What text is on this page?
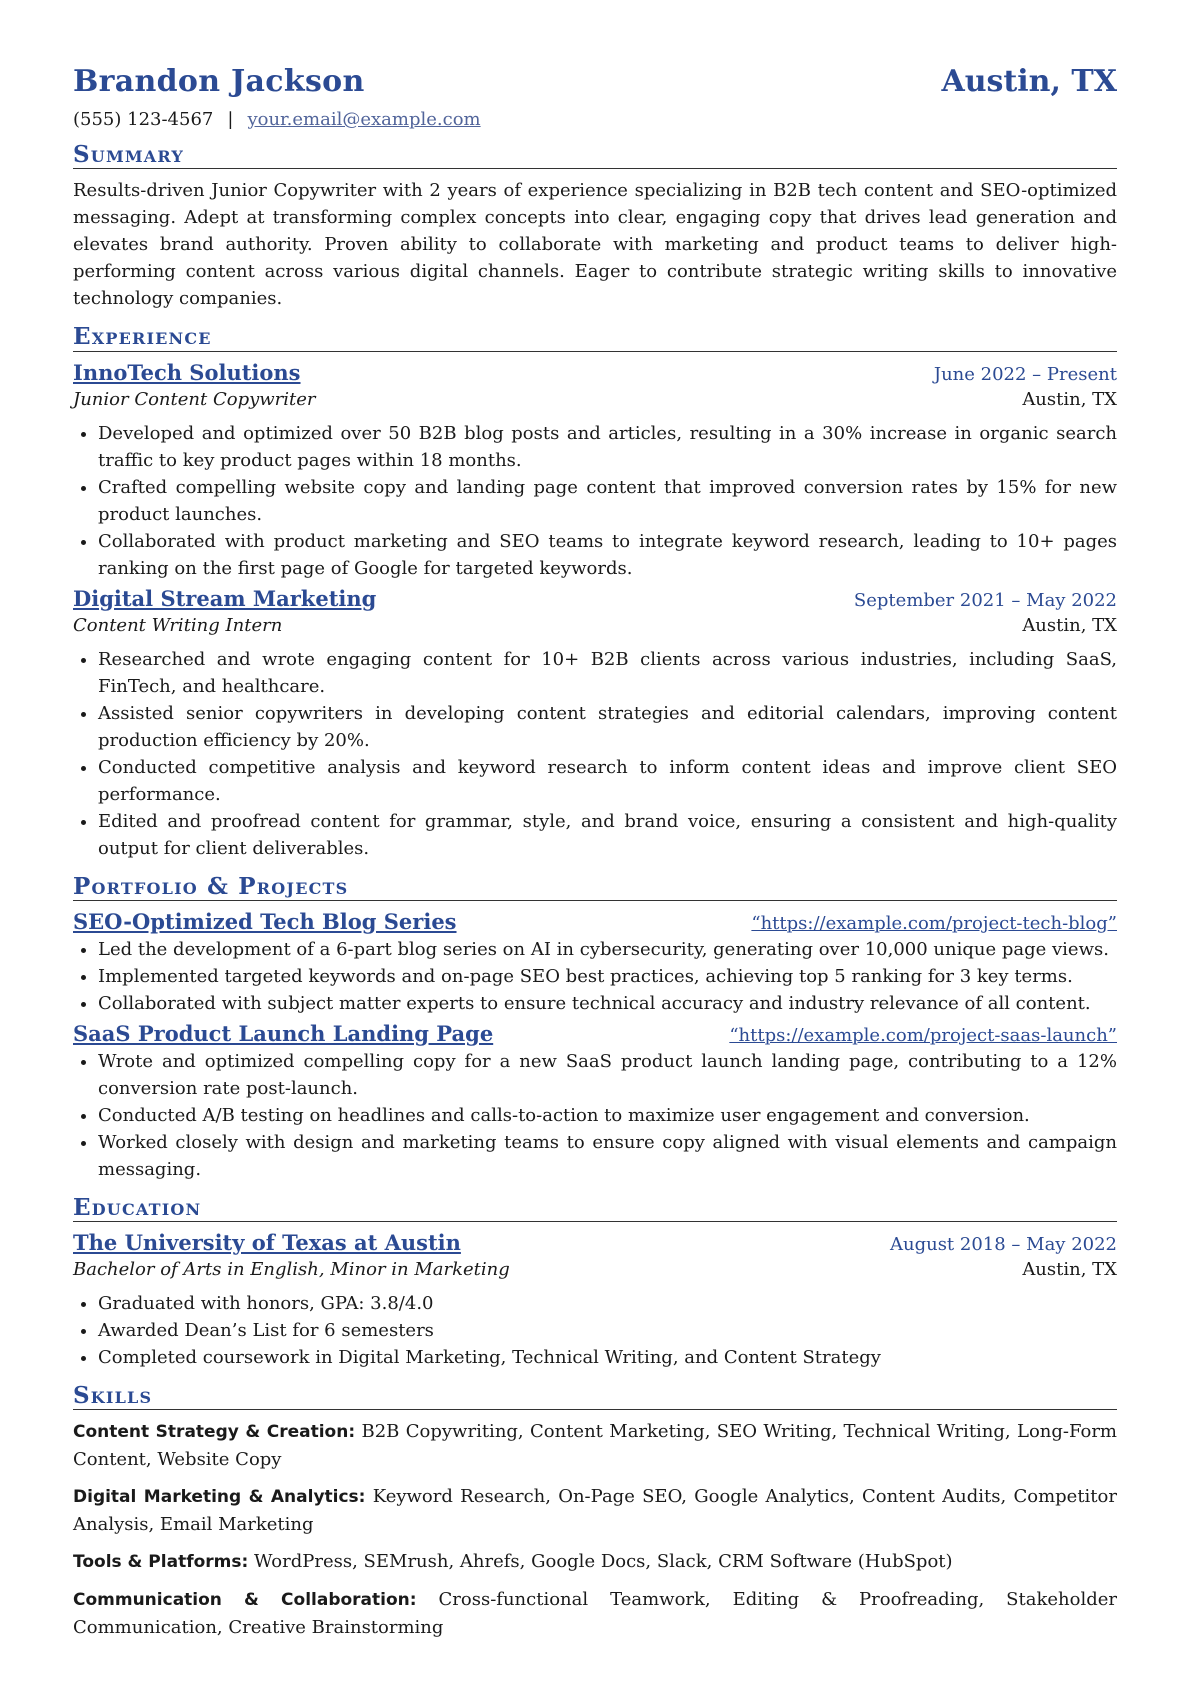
Brandon Jackson	Austin, TX
(555) 123-4567 | your.email@example.com
Summary

Results-driven Junior Copywriter with 2 years of experience specializing in B2B tech content and SEO-optimized messaging. Adept at transforming complex concepts into clear, engaging copy that drives lead generation and elevates brand authority. Proven ability to collaborate with marketing and product teams to deliver high-performing content across various digital channels. Eager to contribute strategic writing skills to innovative technology companies.

Experience
InnoTech Solutions	June 2022 – Present
Junior Content Copywriter	Austin, TX
• Developed and optimized over 50 B2B blog posts and articles, resulting in a 30% increase in organic search traffic to key product pages within 18 months.
• Crafted compelling website copy and landing page content that improved conversion rates by 15% for new product launches.
• Collaborated with product marketing and SEO teams to integrate keyword research, leading to 10+ pages ranking on the first page of Google for targeted keywords.
Digital Stream Marketing	September 2021 – May 2022
Content Writing Intern	Austin, TX
• Researched and wrote engaging content for 10+ B2B clients across various industries, including SaaS, FinTech, and healthcare.
• Assisted senior copywriters in developing content strategies and editorial calendars, improving content production efficiency by 20%.
• Conducted competitive analysis and keyword research to inform content ideas and improve client SEO performance.
• Edited and proofread content for grammar, style, and brand voice, ensuring a consistent and high-quality output for client deliverables.
Portfolio & Projects
SEO-Optimized Tech Blog Series	“https://example.com/project-tech-blog”
• Led the development of a 6-part blog series on AI in cybersecurity, generating over 10,000 unique page views.
• Implemented targeted keywords and on-page SEO best practices, achieving top 5 ranking for 3 key terms.
• Collaborated with subject matter experts to ensure technical accuracy and industry relevance of all content.
SaaS Product Launch Landing Page	“https://example.com/project-saas-launch”
• Wrote and optimized compelling copy for a new SaaS product launch landing page, contributing to a 12% conversion rate post-launch.
• Conducted A/B testing on headlines and calls-to-action to maximize user engagement and conversion.
• Worked closely with design and marketing teams to ensure copy aligned with visual elements and campaign messaging.
Education
The University of Texas at Austin	August 2018 – May 2022
Bachelor of Arts in English, Minor in Marketing	Austin, TX
• Graduated with honors, GPA: 3.8/4.0
• Awarded Dean’s List for 6 semesters
• Completed coursework in Digital Marketing, Technical Writing, and Content Strategy
Skills

Content Strategy & Creation: B2B Copywriting, Content Marketing, SEO Writing, Technical Writing, Long-Form Content, Website Copy

Digital Marketing & Analytics: Keyword Research, On-Page SEO, Google Analytics, Content Audits, Competitor Analysis, Email Marketing

Tools & Platforms: WordPress, SEMrush, Ahrefs, Google Docs, Slack, CRM Software (HubSpot)

Communication & Collaboration: Cross-functional Teamwork, Editing & Proofreading, Stakeholder Communication, Creative Brainstorming
